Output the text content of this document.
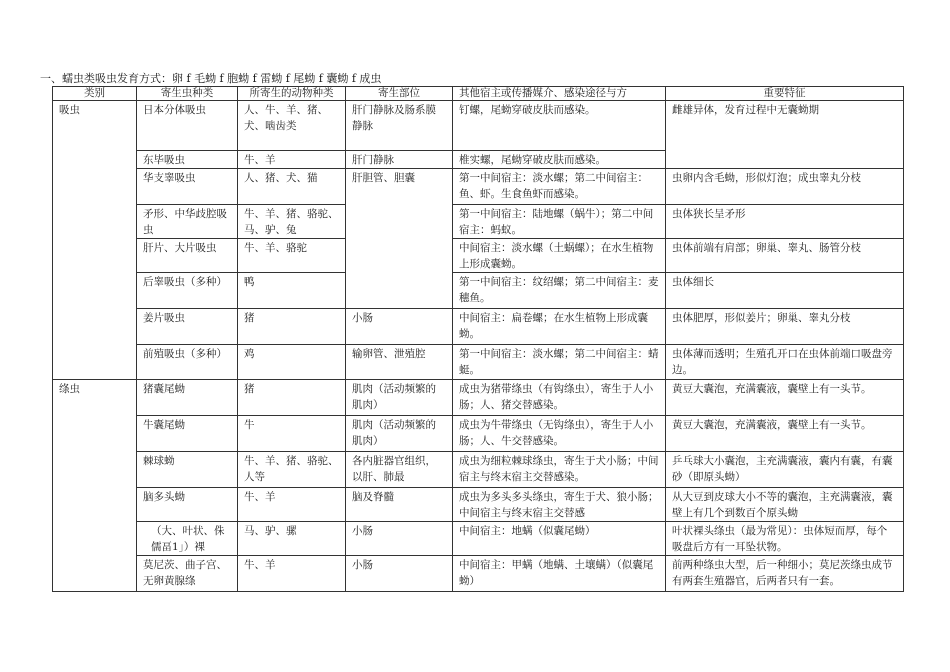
一、蠕虫类吸虫发育方式：卵 f 毛蚴 f 胞蚴 f 雷蚴 f 尾蚴 f 囊蚴 f 成虫
类别	寄生虫种类	所寄生的动物种类	寄生部位	其他宿主或传播媒介、感染途径与方	重要特征
吸虫	日本分体吸虫	人、牛、羊、猪、犬、啮齿类	肝门静脉及肠系膜静脉	钉螺，尾蚴穿破皮肤而感染。	雌雄异体，发育过程中无囊蚴期
	东毕吸虫	牛、羊	肝门静脉	椎实螺，尾蚴穿破皮肤而感染。	
	华支睾吸虫	人、猪、犬、猫	肝胆管、胆囊	第一中间宿主：淡水螺；第二中间宿主：鱼、虾。生食鱼虾而感染。	虫卵内含毛蚴，形似灯泡；成虫睾丸分枝
	矛形、中华歧腔吸虫	牛、羊、猪、骆驼、马、驴、兔		第一中间宿主：陆地螺（蜗牛）；第二中间宿主：蚂蚁。	虫体狭长呈矛形
	肝片、大片吸虫	牛、羊、骆驼		中间宿主：淡水螺（土蜗螺）；在水生植物上形成囊蚴。	虫体前端有肩部；卵巢、睾丸、肠管分枝
	后睾吸虫（多种）	鸭		第一中间宿主：纹绍螺；第二中间宿主：麦穗鱼。	虫体细长
	姜片吸虫	猪	小肠	中间宿主：扁卷螺；在水生植物上形成囊蚴。	虫体肥厚，形似姜片；卵巢、睾丸分枝
	前殖吸虫（多种）	鸡	输卵管、泄殖腔	第一中间宿主：淡水螺；第二中间宿主：蜻蜓。	虫体薄而透明；生殖孔开口在虫体前端口吸盘旁边。
绦虫	猪囊尾蚴	猪	肌肉（活动频繁的肌肉）	成虫为猪带绦虫（有钩绦虫），寄生于人小肠；人、猪交替感染。	黄豆大囊泡，充满囊液，囊壁上有一头节。
	牛囊尾蚴	牛	肌肉（活动频繁的肌肉）	成虫为牛带绦虫（无钩绦虫），寄生于人小肠；人、牛交替感染。	黄豆大囊泡，充满囊液，囊壁上有一头节。
	棘球蚴	牛、羊、猪、骆驼、人等	各内脏器官组织，以肝、肺最	成虫为细粒棘球绦虫，寄生于犬小肠；中间宿主与终末宿主交替感染。	乒乓球大小囊泡，主充满囊液，囊内有囊，有囊砂（即原头蚴）
	脑多头蚴	牛、羊	脑及脊髓	成虫为多头多头绦虫，寄生于犬、狼小肠；中间宿主与终末宿主交替感	从大豆到皮球大小不等的囊泡，主充满囊液，囊壁上有几个到数百个原头蚴
	（大、叶状、侏儒畐1」）裸	马、驴、骡	小肠	中间宿主：地螨（似囊尾蚴）	叶状裸头绦虫（最为常见）：虫体短而厚，每个吸盘后方有一耳坠状物。
	莫尼茨、曲子宫、无卵黄腺绦	牛、羊	小肠	中间宿主：甲螨（地螨、土壤螨）（似囊尾蚴）	前两种绦虫大型，后一种细小；莫尼茨绦虫成节有两套生殖器官，后两者只有一套。
